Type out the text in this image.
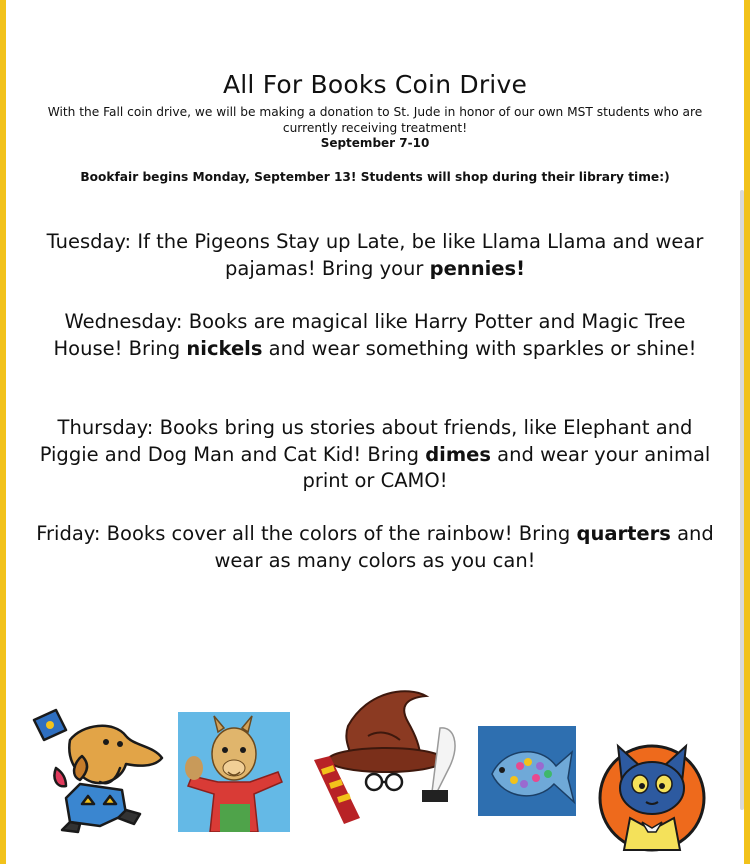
All For Books Coin Drive
With the Fall coin drive, we will be making a donation to St. Jude in honor of our own MST students who are currently receiving treatment!
September 7-10
Bookfair begins Monday, September 13! Students will shop during their library time:)
Tuesday: If the Pigeons Stay up Late, be like Llama Llama and wear pajamas! Bring your pennies!
Wednesday: Books are magical like Harry Potter and Magic Tree House! Bring nickels and wear something with sparkles or shine!
Thursday: Books bring us stories about friends, like Elephant and Piggie and Dog Man and Cat Kid! Bring dimes and wear your animal print or CAMO!
Friday: Books cover all the colors of the rainbow! Bring quarters and wear as many colors as you can!
